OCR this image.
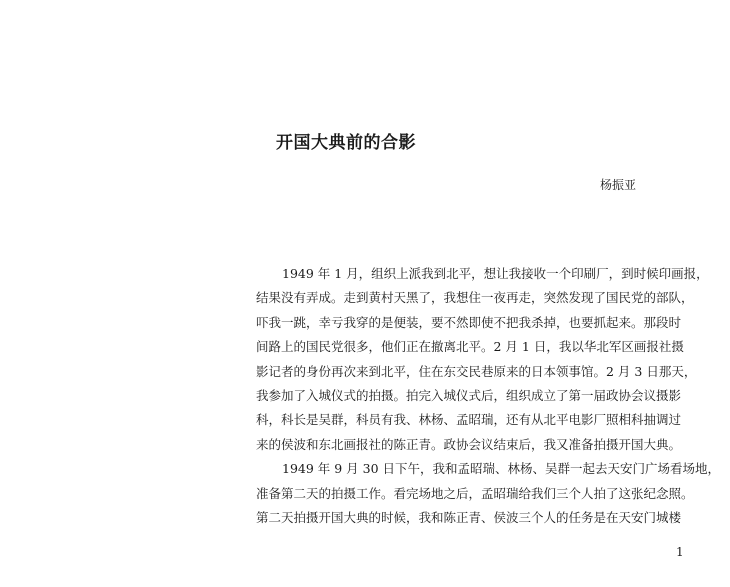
开国大典前的合影
杨振亚
1949 年 1 月，组织上派我到北平，想让我接收一个印刷厂，到时候印画报，
结果没有弄成。走到黄村天黑了，我想住一夜再走，突然发现了国民党的部队，
吓我一跳，幸亏我穿的是便装，要不然即使不把我杀掉，也要抓起来。那段时
间路上的国民党很多，他们正在撤离北平。2 月 1 日，我以华北军区画报社摄
影记者的身份再次来到北平，住在东交民巷原来的日本领事馆。2 月 3 日那天，
我参加了入城仪式的拍摄。拍完入城仪式后，组织成立了第一届政协会议摄影
科，科长是吴群，科员有我、林杨、孟昭瑞，还有从北平电影厂照相科抽调过
来的侯波和东北画报社的陈正青。政协会议结束后，我又准备拍摄开国大典。
1949 年 9 月 30 日下午，我和孟昭瑞、林杨、吴群一起去天安门广场看场地，
准备第二天的拍摄工作。看完场地之后，孟昭瑞给我们三个人拍了这张纪念照。
第二天拍摄开国大典的时候，我和陈正青、侯波三个人的任务是在天安门城楼
1
